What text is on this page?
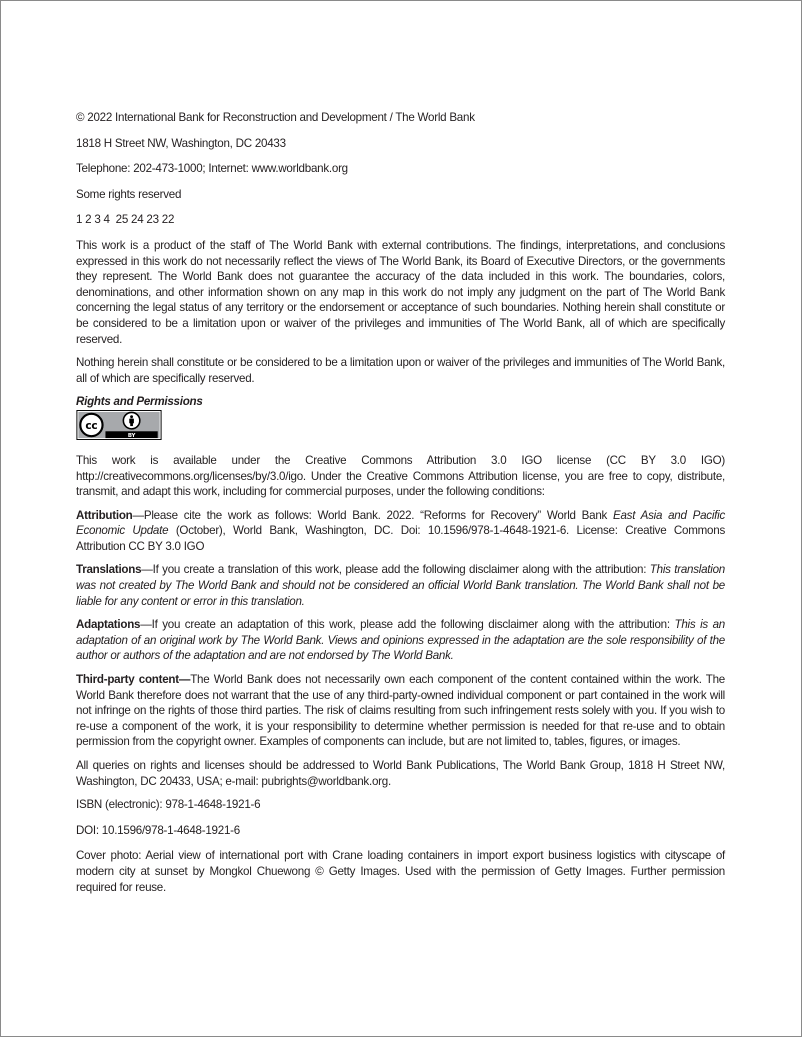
© 2022 International Bank for Reconstruction and Development / The World Bank

1818 H Street NW, Washington, DC 20433

Telephone: 202-473-1000; Internet: www.worldbank.org

Some rights reserved

1 2 3 4  25 24 23 22

This work is a product of the staff of The World Bank with external contributions. The findings, interpretations, and conclusions expressed in this work do not necessarily reflect the views of The World Bank, its Board of Executive Directors, or the governments they represent. The World Bank does not guarantee the accuracy of the data included in this work. The boundaries, colors, denominations, and other information shown on any map in this work do not imply any judgment on the part of The World Bank concerning the legal status of any territory or the endorsement or acceptance of such boundaries. Nothing herein shall constitute or be considered to be a limitation upon or waiver of the privileges and immunities of The World Bank, all of which are specifically reserved.

Nothing herein shall constitute or be considered to be a limitation upon or waiver of the privileges and immunities of The World Bank, all of which are specifically reserved.

Rights and Permissions

cc
BY

This work is available under the Creative Commons Attribution 3.0 IGO license (CC BY 3.0 IGO) http://creativecommons.org/licenses/by/3.0/igo. Under the Creative Commons Attribution license, you are free to copy, distribute, transmit, and adapt this work, including for commercial purposes, under the following conditions:

Attribution—Please cite the work as follows: World Bank. 2022. “Reforms for Recovery” World Bank East Asia and Pacific Economic Update (October), World Bank, Washington, DC. Doi: 10.1596/978-1-4648-1921-6. License: Creative Commons Attribution CC BY 3.0 IGO

Translations—If you create a translation of this work, please add the following disclaimer along with the attribution: This translation was not created by The World Bank and should not be considered an official World Bank translation. The World Bank shall not be liable for any content or error in this translation.

Adaptations—If you create an adaptation of this work, please add the following disclaimer along with the attribution: This is an adaptation of an original work by The World Bank. Views and opinions expressed in the adaptation are the sole responsibility of the author or authors of the adaptation and are not endorsed by The World Bank.

Third-party content—The World Bank does not necessarily own each component of the content contained within the work. The World Bank therefore does not warrant that the use of any third-party-owned individual component or part contained in the work will not infringe on the rights of those third parties. The risk of claims resulting from such infringement rests solely with you. If you wish to re-use a component of the work, it is your responsibility to determine whether permission is needed for that re-use and to obtain permission from the copyright owner. Examples of components can include, but are not limited to, tables, figures, or images.

All queries on rights and licenses should be addressed to World Bank Publications, The World Bank Group, 1818 H Street NW, Washington, DC 20433, USA; e-mail: pubrights@worldbank.org.

ISBN (electronic): 978-1-4648-1921-6

DOI: 10.1596/978-1-4648-1921-6

Cover photo: Aerial view of international port with Crane loading containers in import export business logistics with cityscape of modern city at sunset by Mongkol Chuewong © Getty Images. Used with the permission of Getty Images. Further permission required for reuse.
